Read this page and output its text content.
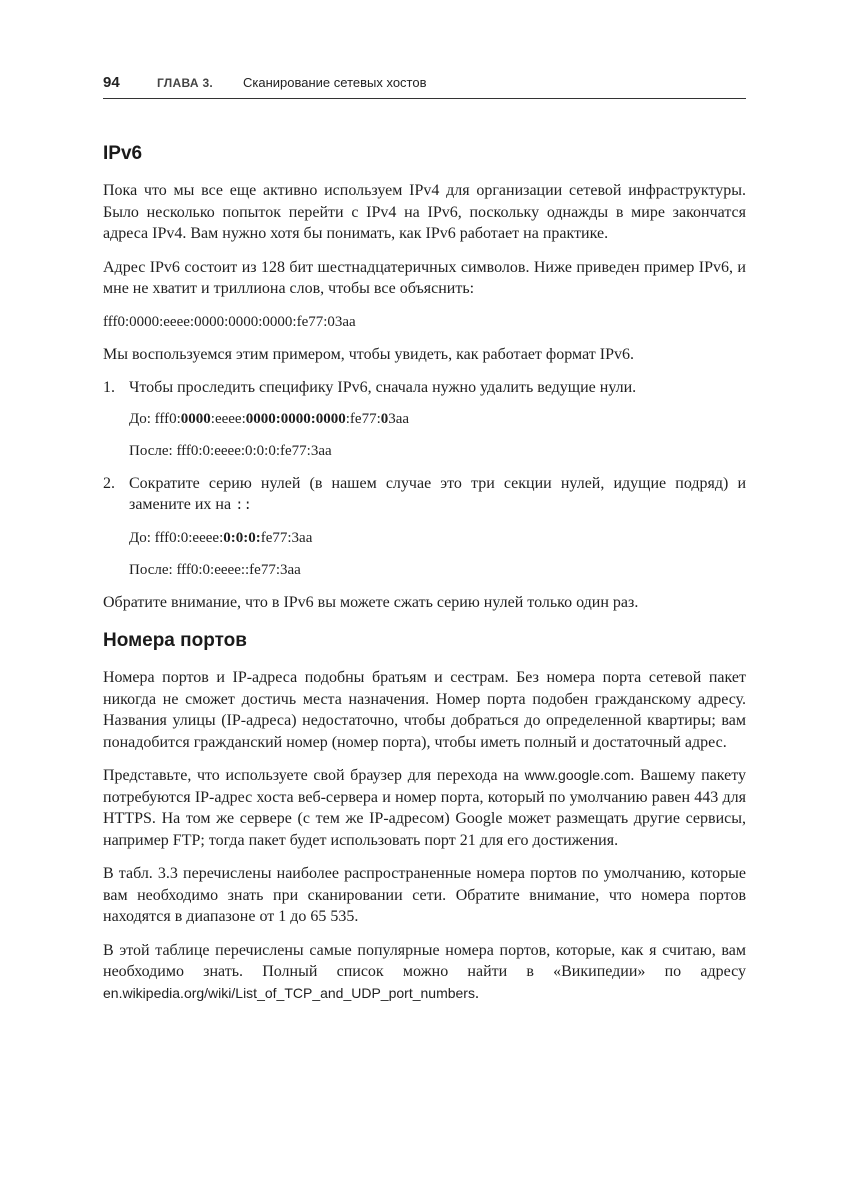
94	ГЛАВА 3. Сканирование сетевых хостов
IPv6

Пока что мы все еще активно используем IPv4 для организации сетевой инфраструктуры. Было несколько попыток перейти с IPv4 на IPv6, поскольку однажды в мире закончатся адреса IPv4. Вам нужно хотя бы понимать, как IPv6 работает на практике.

Адрес IPv6 состоит из 128 бит шестнадцатеричных символов. Ниже приведен пример IPv6, и мне не хватит и триллиона слов, чтобы все объяснить:

fff0:0000:eeee:0000:0000:0000:fe77:03aa

Мы воспользуемся этим примером, чтобы увидеть, как работает формат IPv6.

1. Чтобы проследить специфику IPv6, сначала нужно удалить ведущие нули.
До: fff0:0000:eeee:0000:0000:0000:fe77:03aa
После: fff0:0:eeee:0:0:0:fe77:3aa
2. Сократите серию нулей (в нашем случае это три секции нулей, идущие подряд) и замените их на ::
До: fff0:0:eeee:0:0:0:fe77:3aa
После: fff0:0:eeee::fe77:3aa

Обратите внимание, что в IPv6 вы можете сжать серию нулей только один раз.

Номера портов

Номера портов и IP-адреса подобны братьям и сестрам. Без номера порта сетевой пакет никогда не сможет достичь места назначения. Номер порта подобен гражданскому адресу. Названия улицы (IP-адреса) недостаточно, чтобы добраться до определенной квартиры; вам понадобится гражданский номер (номер порта), чтобы иметь полный и достаточный адрес.

Представьте, что используете свой браузер для перехода на www.google.com. Вашему пакету потребуются IP-адрес хоста веб-сервера и номер порта, который по умолчанию равен 443 для HTTPS. На том же сервере (с тем же IP-адресом) Google может размещать другие сервисы, например FTP; тогда пакет будет использовать порт 21 для его достижения.

В табл. 3.3 перечислены наиболее распространенные номера портов по умолчанию, которые вам необходимо знать при сканировании сети. Обратите внимание, что номера портов находятся в диапазоне от 1 до 65 535.

В этой таблице перечислены самые популярные номера портов, которые, как я считаю, вам необходимо знать. Полный список можно найти в «Википедии» по адресу en.wikipedia.org/wiki/List_of_TCP_and_UDP_port_numbers.
